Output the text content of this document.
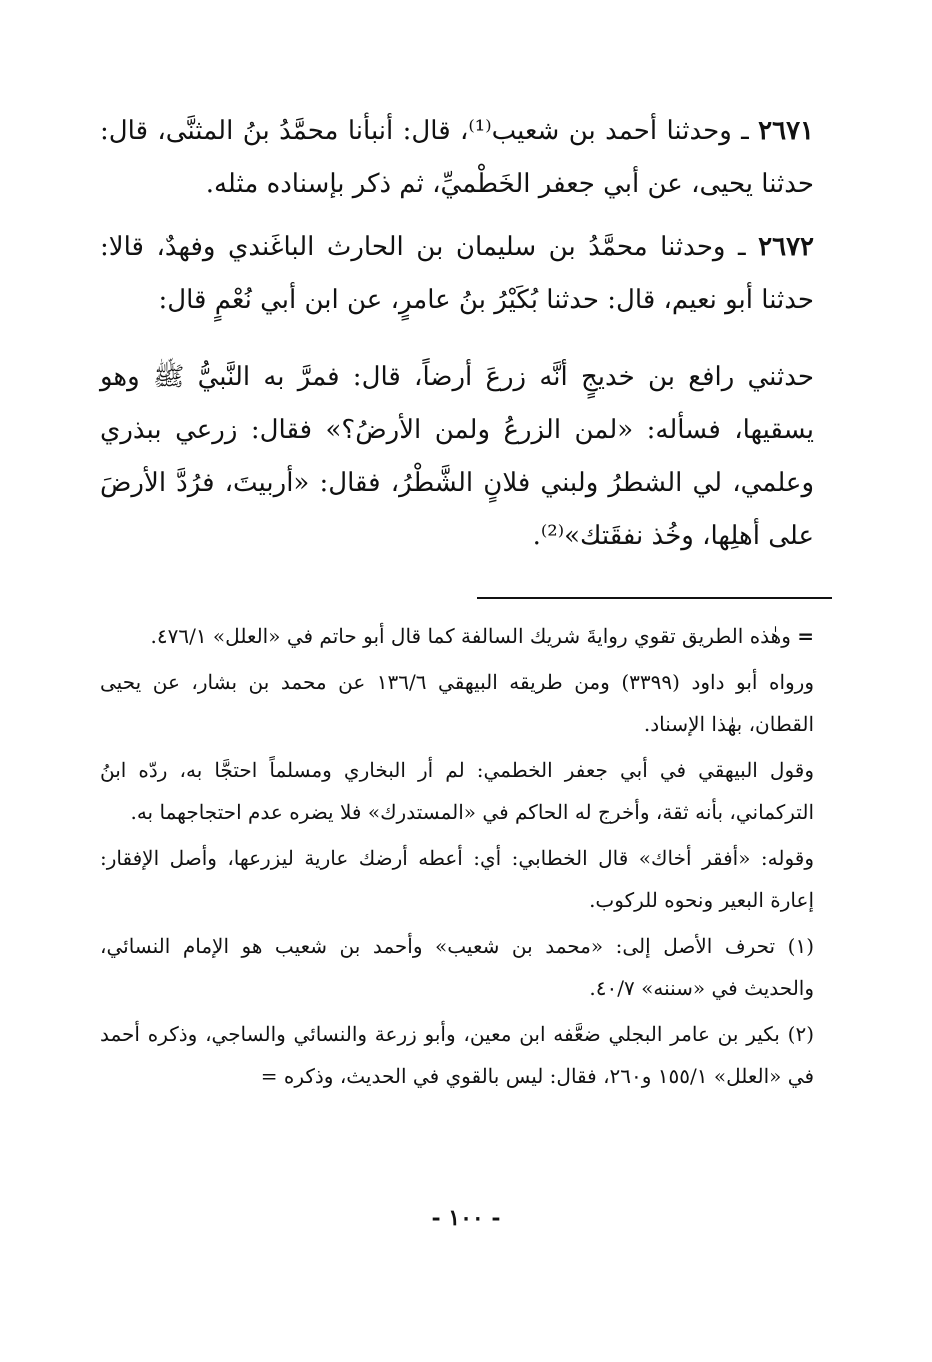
٢٦٧١ ـ وحدثنا أحمد بن شعيب⁽¹⁾، قال: أنبأنا محمَّدُ بنُ المثنَّى، قال: حدثنا يحيى، عن أبي جعفر الخَطْميِّ، ثم ذكر بإسناده مثله.

٢٦٧٢ ـ وحدثنا محمَّدُ بن سليمان بن الحارث الباغَندي وفهدٌ، قالا: حدثنا أبو نعيم، قال: حدثنا بُكَيْرُ بنُ عامرٍ، عن ابن أبي نُعْمٍ قال:

حدثني رافع بن خديجٍ أنَّه زرعَ أرضاً، قال: فمرَّ به النَّبيُّ ﷺ وهو يسقيها، فسأله: «لمن الزرعُ ولمن الأرضُ؟» فقال: زرعي ببذري وعلمي، لي الشطرُ ولبني فلانٍ الشَّطْرُ، فقال: «أربيتَ، فرُدَّ الأرضَ على أهلِها، وخُذ نفقَتك»⁽²⁾.

= وهٰذه الطريق تقوي روايةَ شريك السالفة كما قال أبو حاتم في «العلل» ٤٧٦/١.

ورواه أبو داود (٣٣٩٩) ومن طريقه البيهقي ١٣٦/٦ عن محمد بن بشار، عن يحيى القطان، بهٰذا الإسناد.

وقول البيهقي في أبي جعفر الخطمي: لم أر البخاري ومسلماً احتجَّا به، ردّه ابنُ التركماني، بأنه ثقة، وأخرج له الحاكم في «المستدرك» فلا يضره عدم احتجاجهما به.

وقوله: «أفقر أخاك» قال الخطابي: أي: أعطه أرضك عارية ليزرعها، وأصل الإفقار: إعارة البعير ونحوه للركوب.

(١) تحرف الأصل إلى: «محمد بن شعيب» وأحمد بن شعيب هو الإمام النسائي، والحديث في «سننه» ٤٠/٧.

(٢) بكير بن عامر البجلي ضعَّفه ابن معين، وأبو زرعة والنسائي والساجي، وذكره أحمد في «العلل» ١٥٥/١ و٢٦٠، فقال: ليس بالقوي في الحديث، وذكره =

- ١٠٠ -
